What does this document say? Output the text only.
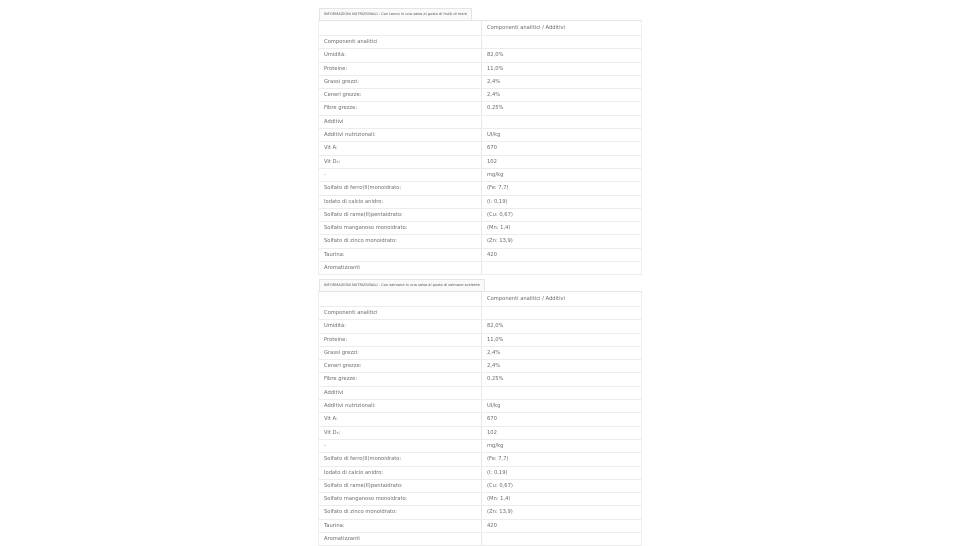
INFORMAZIONI NUTRIZIONALI - Con tonno in una salsa al gusto di frutti di mare
Componenti analitici / Additivi
Componenti analitici
Umidità:	82,0%
Proteine:	11,0%
Grassi grezzi:	2,4%
Ceneri grezze:	2,4%
Fibre grezze:	0,25%
Additivi
Additivi nutrizionali:	UI/kg
Vit A:	670
Vit D₃:	102
-	mg/kg
Solfato di ferro(II)monoidrato:	(Fe: 7,7)
Iodato di calcio anidro:	(I: 0,19)
Solfato di rame(II)pentaidrato:	(Cu: 0,67)
Solfato manganoso monoidrato:	(Mn: 1,4)
Solfato di zinco monoidrato:	(Zn: 13,9)
Taurina:	420
Aromatizzanti
INFORMAZIONI NUTRIZIONALI - Con salmone in una salsa al gusto di salmone scelente
Componenti analitici / Additivi
Componenti analitici
Umidità:	82,0%
Proteine:	11,0%
Grassi grezzi:	2,4%
Ceneri grezze:	2,4%
Fibre grezze:	0,25%
Additivi
Additivi nutrizionali:	UI/kg
Vit A:	670
Vit D₃:	102
-	mg/kg
Solfato di ferro(II)monoidrato:	(Fe: 7,7)
Iodato di calcio anidro:	(I: 0,19)
Solfato di rame(II)pentaidrato:	(Cu: 0,67)
Solfato manganoso monoidrato:	(Mn: 1,4)
Solfato di zinco monoidrato:	(Zn: 13,9)
Taurina:	420
Aromatizzanti
